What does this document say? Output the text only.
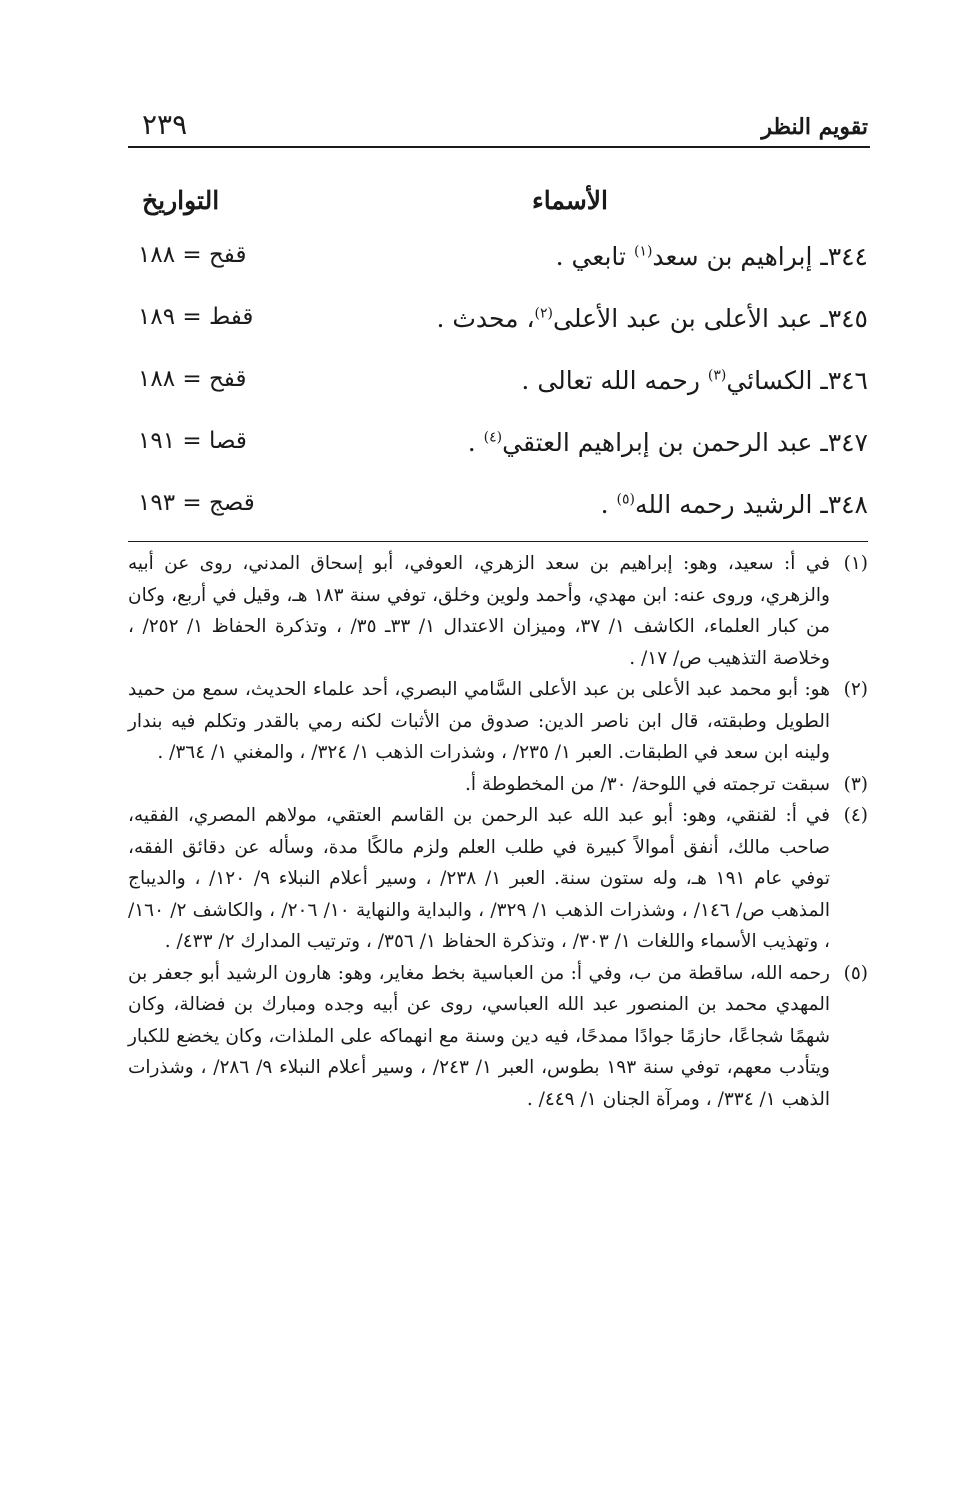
تقويم النظر
٢٣٩
الأسماء
التواريخ
٣٤٤ـ إبراهيم بن سعد$^{(١)}$ تابعي .
قفح = ١٨٨
٣٤٥ـ عبد الأعلى بن عبد الأعلى$^{(٢)}$، محدث .
قفط = ١٨٩
٣٤٦ـ الكسائي$^{(٣)}$ رحمه الله تعالى .
قفح = ١٨٨
٣٤٧ـ عبد الرحمن بن إبراهيم العتقي$^{(٤)}$ .
قصا = ١٩١
٣٤٨ـ الرشيد رحمه الله$^{(٥)}$ .
قصج = ١٩٣

(١)
في أ: سعيد، وهو: إبراهيم بن سعد الزهري، العوفي، أبو إسحاق المدني، روى عن أبيه والزهري، وروى عنه: ابن مهدي، وأحمد ولوين وخلق، توفي سنة ١٨٣ هـ، وقيل في أربع، وكان من كبار العلماء، الكاشف ١/ ٣٧، وميزان الاعتدال ١/ ٣٣ـ ٣٥/ ، وتذكرة الحفاظ ١/ ٢٥٢/ ، وخلاصة التذهيب ص/ ١٧/ .

(٢)
هو: أبو محمد عبد الأعلى بن عبد الأعلى السَّامي البصري، أحد علماء الحديث، سمع من حميد الطويل وطبقته، قال ابن ناصر الدين: صدوق من الأثبات لكنه رمي بالقدر وتكلم فيه بندار ولينه ابن سعد في الطبقات. العبر ١/ ٢٣٥/ ، وشذرات الذهب ١/ ٣٢٤/ ، والمغني ١/ ٣٦٤/ .

(٣)
سبقت ترجمته في اللوحة/ ٣٠/ من المخطوطة أ.

(٤)
في أ: لقنقي، وهو: أبو عبد الله عبد الرحمن بن القاسم العتقي، مولاهم المصري، الفقيه، صاحب مالك، أنفق أموالاً كبيرة في طلب العلم ولزم مالكًا مدة، وسأله عن دقائق الفقه، توفي عام ١٩١ هـ، وله ستون سنة. العبر ١/ ٢٣٨/ ، وسير أعلام النبلاء ٩/ ١٢٠/ ، والديباج المذهب ص/ ١٤٦/ ، وشذرات الذهب ١/ ٣٢٩/ ، والبداية والنهاية ١٠/ ٢٠٦/ ، والكاشف ٢/ ١٦٠/ ، وتهذيب الأسماء واللغات ١/ ٣٠٣/ ، وتذكرة الحفاظ ١/ ٣٥٦/ ، وترتيب المدارك ٢/ ٤٣٣/ .

(٥)
رحمه الله، ساقطة من ب، وفي أ: من العباسية بخط مغاير، وهو: هارون الرشيد أبو جعفر بن المهدي محمد بن المنصور عبد الله العباسي، روى عن أبيه وجده ومبارك بن فضالة، وكان شهمًا شجاعًا، حازمًا جوادًا ممدحًا، فيه دين وسنة مع انهماكه على الملذات، وكان يخضع للكبار ويتأدب معهم، توفي سنة ١٩٣ بطوس، العبر ١/ ٢٤٣/ ، وسير أعلام النبلاء ٩/ ٢٨٦/ ، وشذرات الذهب ١/ ٣٣٤/ ، ومرآة الجنان ١/ ٤٤٩/ .
